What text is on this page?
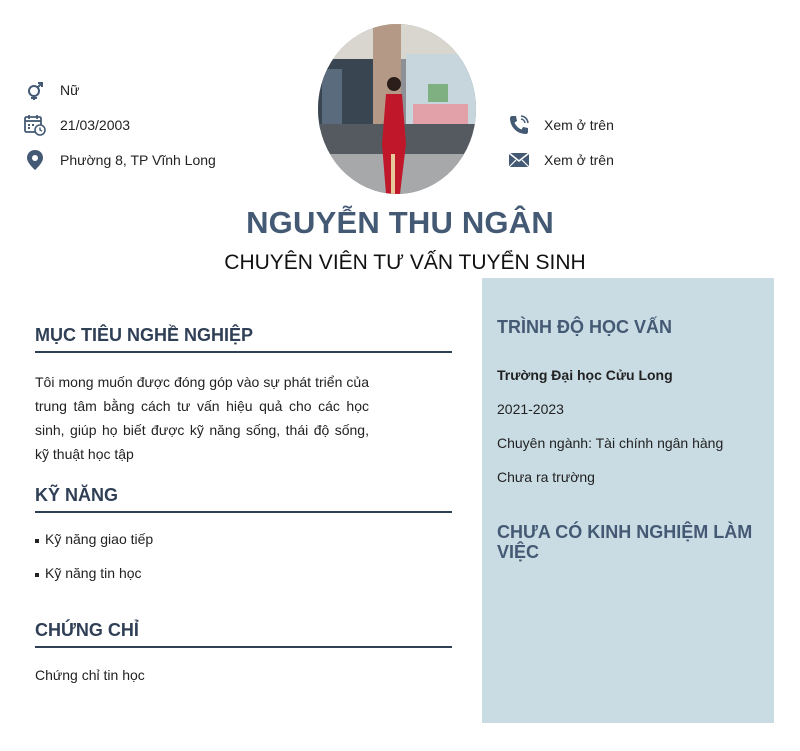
Nữ
21/03/2003
Phường 8, TP Vĩnh Long
Xem ở trên
Xem ở trên
NGUYỄN THU NGÂN
CHUYÊN VIÊN TƯ VẤN TUYỂN SINH
MỤC TIÊU NGHỀ NGHIỆP
Tôi mong muốn được đóng góp vào sự phát triển của trung tâm bằng cách tư vấn hiệu quả cho các học sinh, giúp họ biết được kỹ năng sống, thái độ sống, kỹ thuật học tập
KỸ NĂNG
Kỹ năng giao tiếp
Kỹ năng tin học
CHỨNG CHỈ
Chứng chỉ tin học
TRÌNH ĐỘ HỌC VẤN
Trường Đại học Cửu Long
2021-2023
Chuyên ngành: Tài chính ngân hàng
Chưa ra trường
CHƯA CÓ KINH NGHIỆM LÀM VIỆC
